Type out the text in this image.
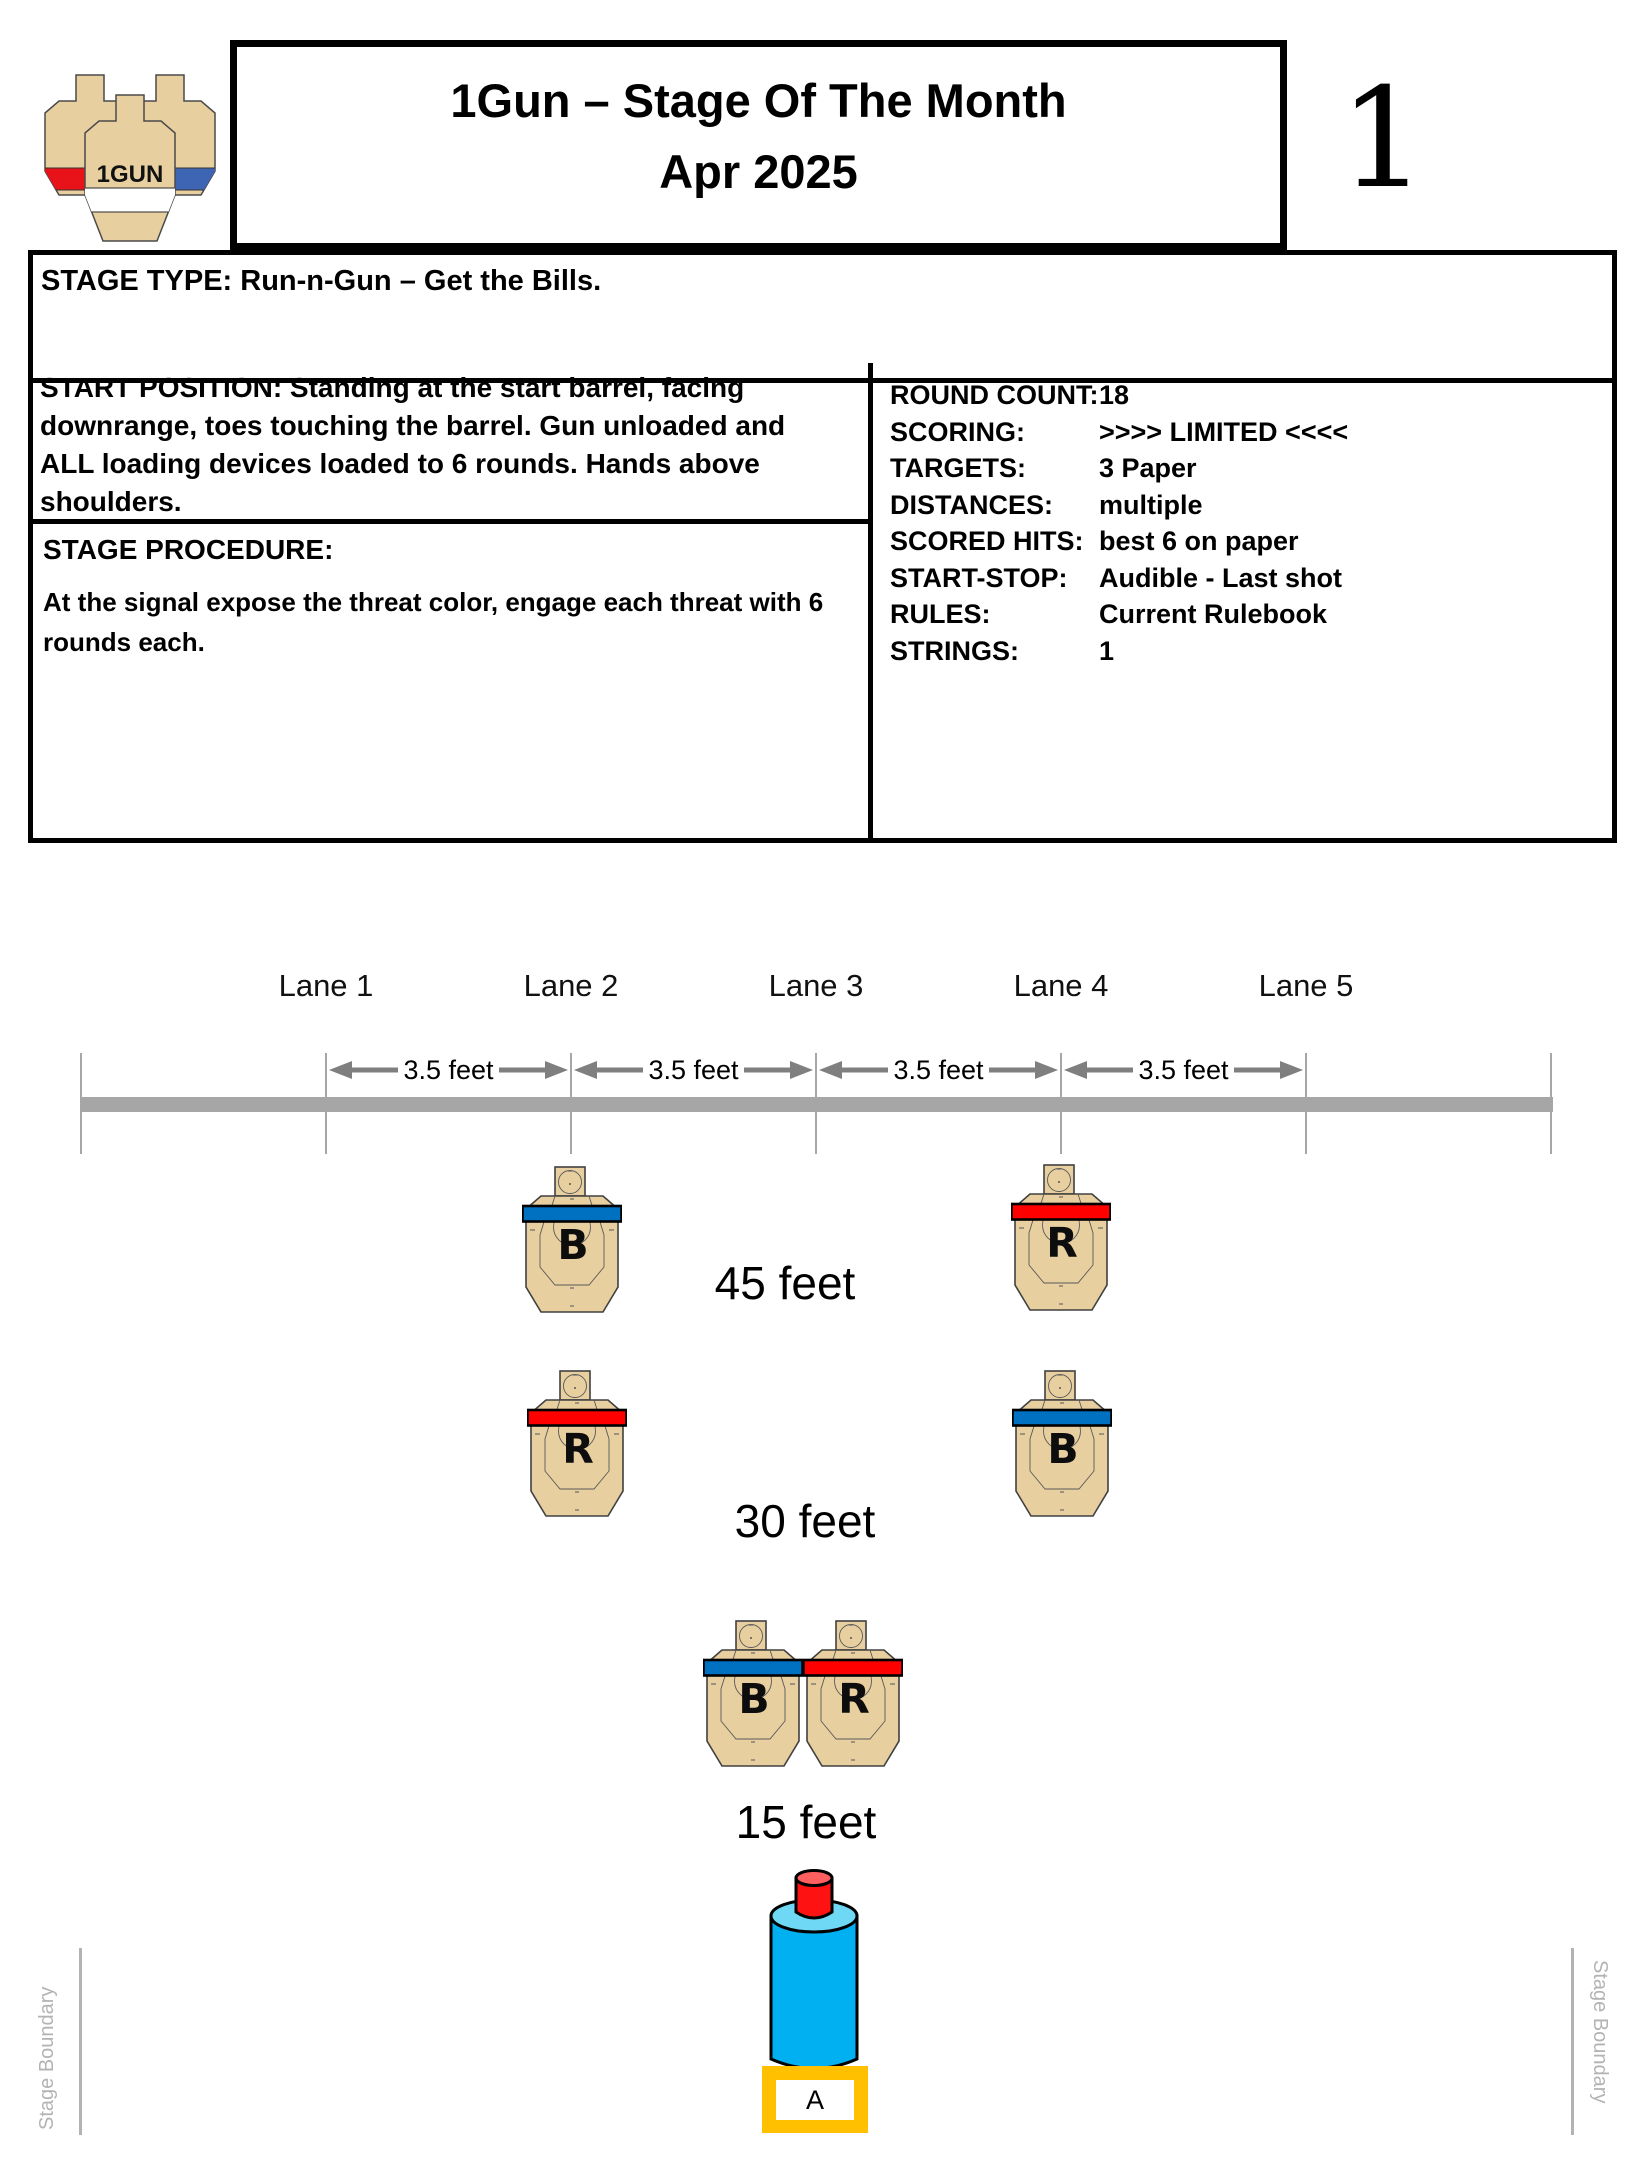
1GUN
1Gun – Stage Of The Month
Apr 2025	1
STAGE TYPE: Run-n-Gun – Get the Bills.
START POSITION: Standing at the start barrel, facing
downrange, toes touching the barrel. Gun unloaded and
ALL loading devices loaded to 6 rounds. Hands above
shoulders.
STAGE PROCEDURE:
At the signal expose the threat color, engage each threat with 6
rounds each.
ROUND COUNT: 18
SCORING:	>>>> LIMITED <<<<
TARGETS:	3 Paper
DISTANCES:	multiple
SCORED HITS: best 6 on paper
START-STOP:	Audible - Last shot
RULES:	Current Rulebook
STRINGS:	1
Lane 1	Lane 2	Lane 3	Lane 4	Lane 5
3.5 feet	3.5 feet	3.5 feet	3.5 feet
45 feet
30 feet
15 feet
B	R
R	B
B R
A
Stage Boundary	Stage Boundary
